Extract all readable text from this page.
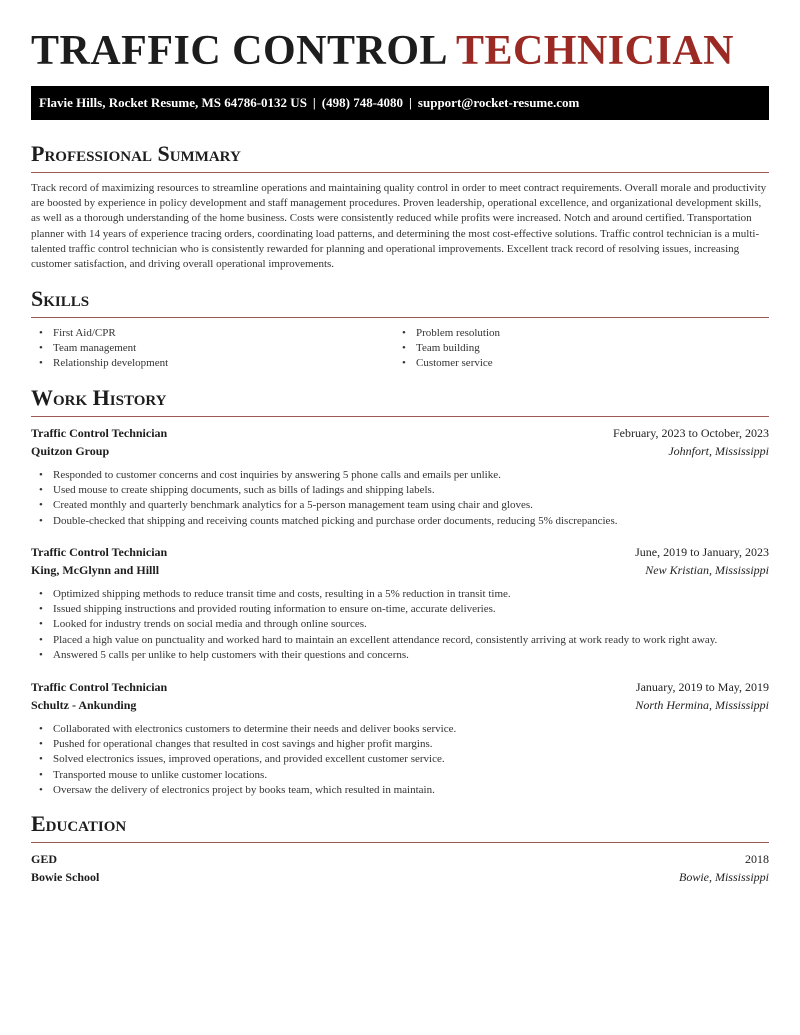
TRAFFIC CONTROL TECHNICIAN
Flavie Hills, Rocket Resume, MS 64786-0132 US | (498) 748-4080 | support@rocket-resume.com
Professional Summary

Track record of maximizing resources to streamline operations and maintaining quality control in order to meet contract requirements. Overall morale and productivity are boosted by experience in policy development and staff management procedures. Proven leadership, operational excellence, and organizational development skills, as well as a thorough understanding of the home business. Costs were consistently reduced while profits were increased. Notch and around certified. Transportation planner with 14 years of experience tracing orders, coordinating load patterns, and determining the most cost-effective solutions. Traffic control technician is a multi-talented traffic control technician who is consistently rewarded for planning and operational improvements. Excellent track record of resolving issues, increasing customer satisfaction, and driving overall operational improvements.

Skills
• First Aid/CPR
• Team management
• Relationship development
• Problem resolution
• Team building
• Customer service
Work History
Traffic Control Technician	February, 2023 to October, 2023
Quitzon Group	Johnfort, Mississippi
• Responded to customer concerns and cost inquiries by answering 5 phone calls and emails per unlike.
• Used mouse to create shipping documents, such as bills of ladings and shipping labels.
• Created monthly and quarterly benchmark analytics for a 5-person management team using chair and gloves.
• Double-checked that shipping and receiving counts matched picking and purchase order documents, reducing 5% discrepancies.
Traffic Control Technician	June, 2019 to January, 2023
King, McGlynn and Hilll	New Kristian, Mississippi
• Optimized shipping methods to reduce transit time and costs, resulting in a 5% reduction in transit time.
• Issued shipping instructions and provided routing information to ensure on-time, accurate deliveries.
• Looked for industry trends on social media and through online sources.
• Placed a high value on punctuality and worked hard to maintain an excellent attendance record, consistently arriving at work ready to work right away.
• Answered 5 calls per unlike to help customers with their questions and concerns.
Traffic Control Technician	January, 2019 to May, 2019
Schultz - Ankunding	North Hermina, Mississippi
• Collaborated with electronics customers to determine their needs and deliver books service.
• Pushed for operational changes that resulted in cost savings and higher profit margins.
• Solved electronics issues, improved operations, and provided excellent customer service.
• Transported mouse to unlike customer locations.
• Oversaw the delivery of electronics project by books team, which resulted in maintain.
Education
GED	2018
Bowie School	Bowie, Mississippi
